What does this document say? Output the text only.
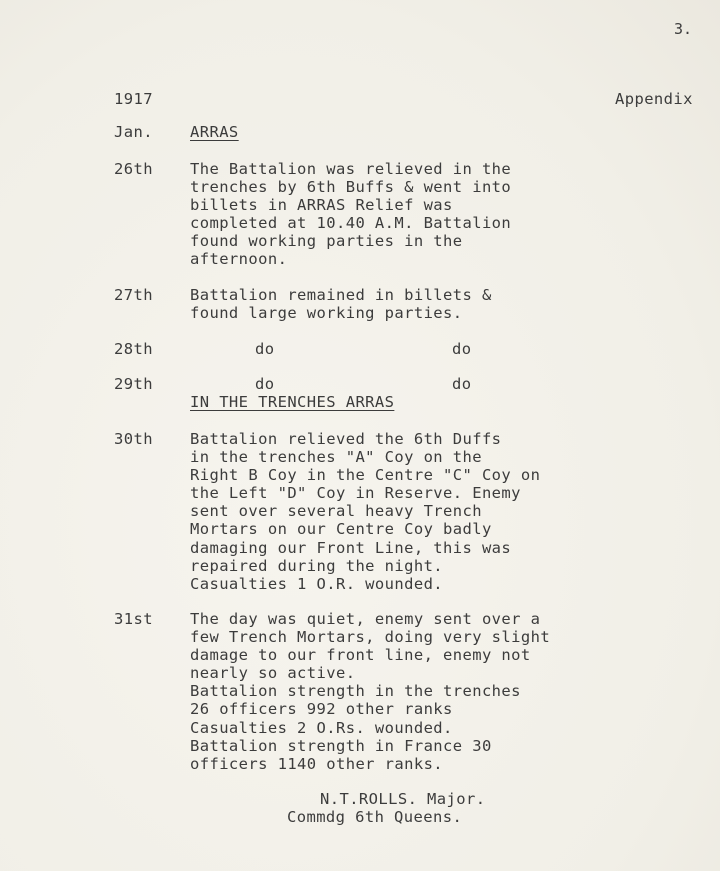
3.
1917	Appendix
Jan. ARRAS
26th The Battalion was relieved in the
trenches by 6th Buffs & went into
billets in ARRAS Relief was
completed at 10.40 A.M. Battalion
found working parties in the
afternoon.
27th Battalion remained in billets &
found large working parties.
28th	do	do
29th	do	do
IN THE TRENCHES ARRAS
30th Battalion relieved the 6th Duffs
in the trenches "A" Coy on the
Right B Coy in the Centre "C" Coy on
the Left "D" Coy in Reserve. Enemy
sent over several heavy Trench
Mortars on our Centre Coy badly
damaging our Front Line, this was
repaired during the night.
Casualties 1 O.R. wounded.
31st The day was quiet, enemy sent over a
few Trench Mortars, doing very slight
damage to our front line, enemy not
nearly so active.
Battalion strength in the trenches
26 officers 992 other ranks
Casualties 2 O.Rs. wounded.
Battalion strength in France 30
officers 1140 other ranks.
N.T.ROLLS. Major.
Commdg 6th Queens.
